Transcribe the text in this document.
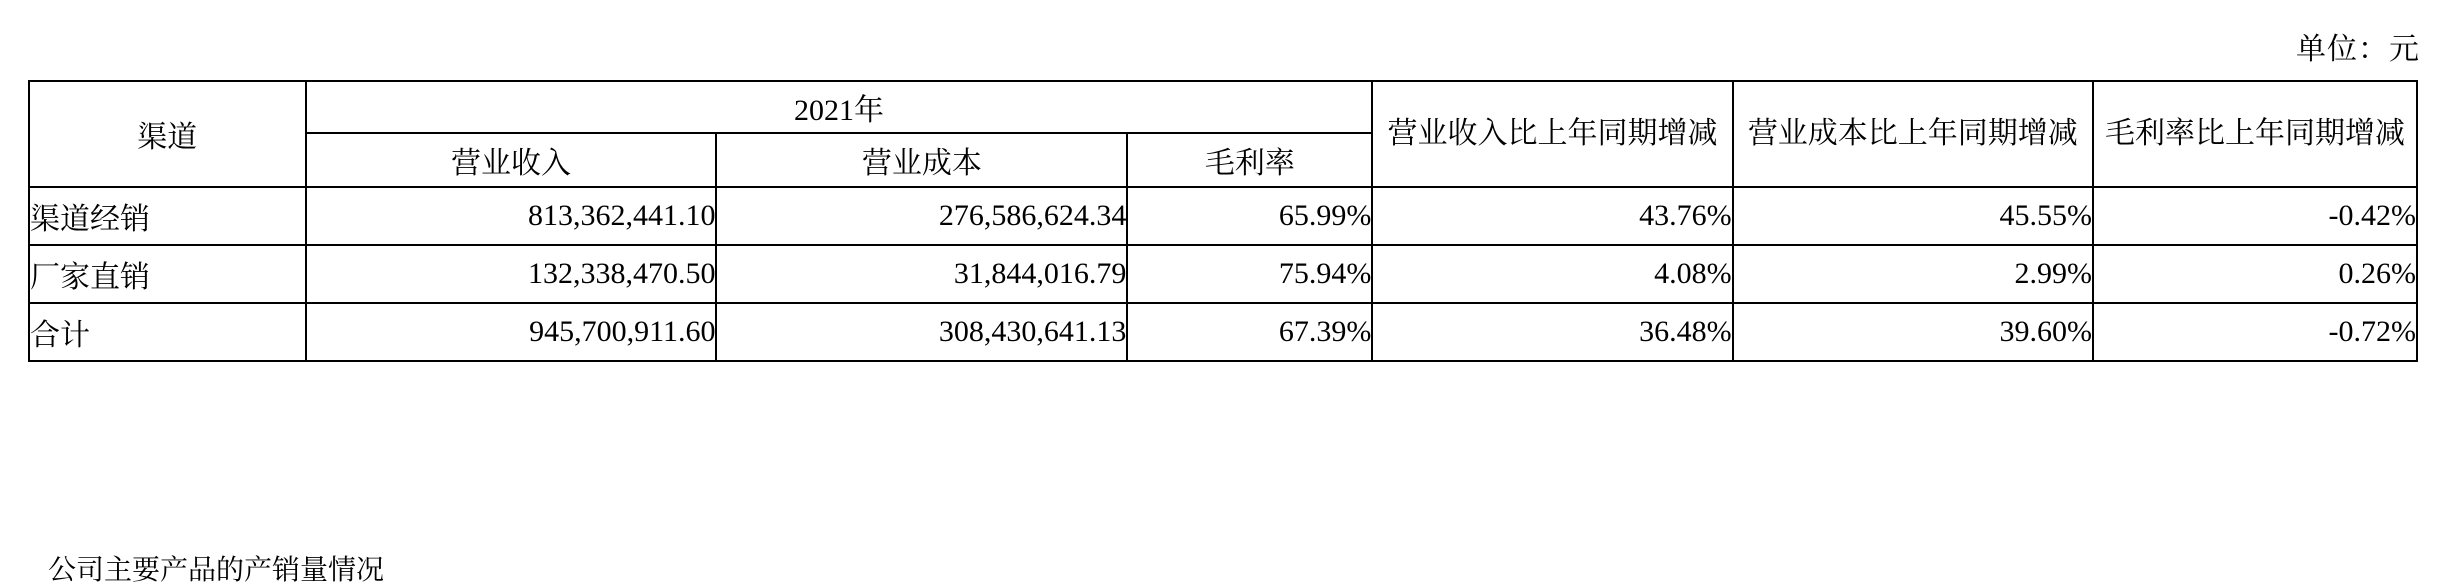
单位：元
渠道	2021年			营业收入比上年同期增减	营业成本比上年同期增减	毛利率比上年同期增减
	营业收入	营业成本	毛利率			
渠道经销	813,362,441.10	276,586,624.34	65.99%	43.76%	45.55%	-0.42%
厂家直销	132,338,470.50	31,844,016.79	75.94%	4.08%	2.99%	0.26%
合计	945,700,911.60	308,430,641.13	67.39%	36.48%	39.60%	-0.72%
公司主要产品的产销量情况
